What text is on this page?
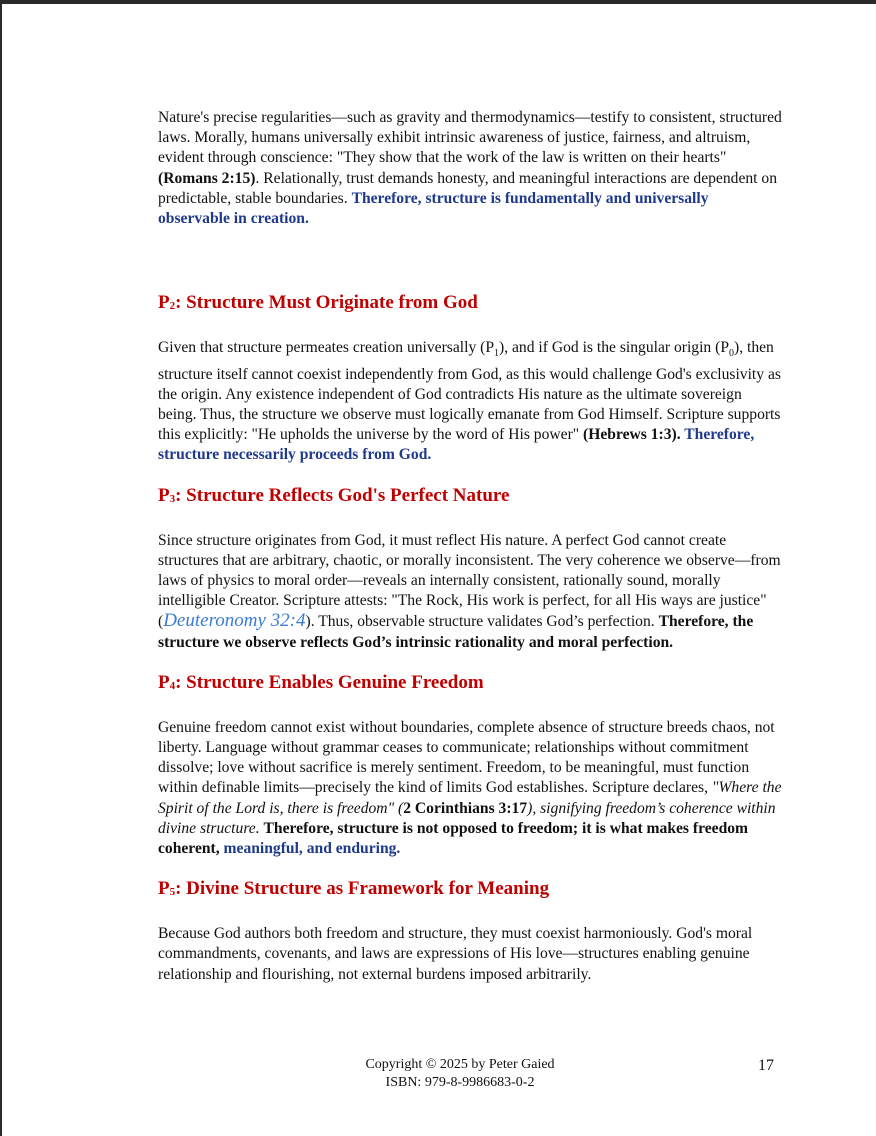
Nature's precise regularities—such as gravity and thermodynamics—testify to consistent, structured laws. Morally, humans universally exhibit intrinsic awareness of justice, fairness, and altruism, evident through conscience: "They show that the work of the law is written on their hearts" (Romans 2:15). Relationally, trust demands honesty, and meaningful interactions are dependent on predictable, stable boundaries. Therefore, structure is fundamentally and universally observable in creation.

$P_2$: Structure Must Originate from God

Given that structure permeates creation universally $(P_1)$, and if God is the singular origin $(P_0)$, then structure itself cannot coexist independently from God, as this would challenge God's exclusivity as the origin. Any existence independent of God contradicts His nature as the ultimate sovereign being. Thus, the structure we observe must logically emanate from God Himself. Scripture supports this explicitly: "He upholds the universe by the word of His power" (Hebrews 1:3). Therefore, structure necessarily proceeds from God.

$P_3$: Structure Reflects God's Perfect Nature

Since structure originates from God, it must reflect His nature. A perfect God cannot create structures that are arbitrary, chaotic, or morally inconsistent. The very coherence we observe—from laws of physics to moral order—reveals an internally consistent, rationally sound, morally intelligible Creator. Scripture attests: "The Rock, His work is perfect, for all His ways are justice" (Deuteronomy 32:4). Thus, observable structure validates God’s perfection. Therefore, the structure we observe reflects God’s intrinsic rationality and moral perfection.

$P_4$: Structure Enables Genuine Freedom

Genuine freedom cannot exist without boundaries, complete absence of structure breeds chaos, not liberty. Language without grammar ceases to communicate; relationships without commitment dissolve; love without sacrifice is merely sentiment. Freedom, to be meaningful, must function within definable limits—precisely the kind of limits God establishes. Scripture declares, "Where the Spirit of the Lord is, there is freedom" (2 Corinthians 3:17), signifying freedom’s coherence within divine structure. Therefore, structure is not opposed to freedom; it is what makes freedom coherent, meaningful, and enduring.

$P_5$: Divine Structure as Framework for Meaning

Because God authors both freedom and structure, they must coexist harmoniously. God's moral commandments, covenants, and laws are expressions of His love—structures enabling genuine relationship and flourishing, not external burdens imposed arbitrarily.

Copyright © 2025 by Peter Gaied
ISBN: 979-8-9986683-0-2
17
